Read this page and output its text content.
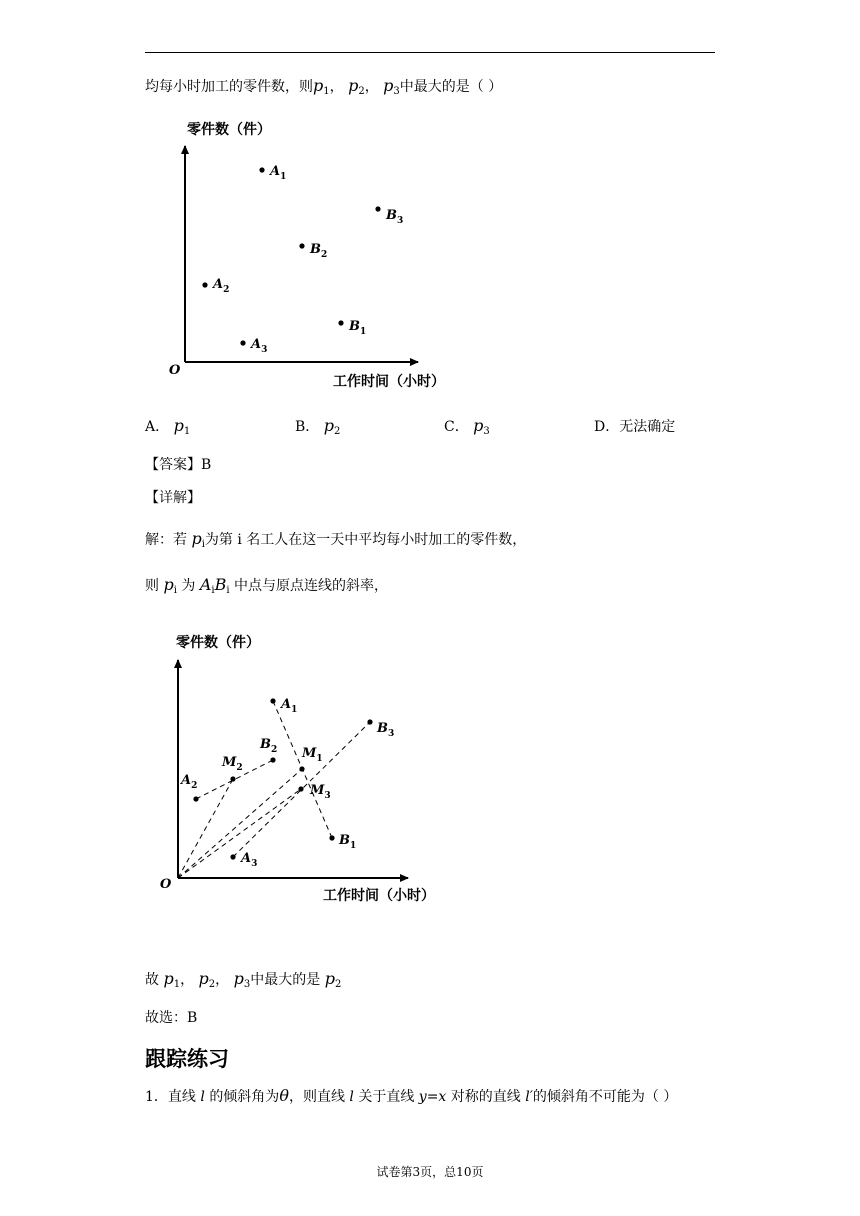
均每小时加工的零件数，则$p_1$， $p_2$， $p_3$中最大的是（ ）
零件数（件）
工作时间（小时）
O
$A_1$
$B_3$
$B_2$
$A_2$
$B_1$
$A_3$
零件数（件）
工作时间（小时）
O
$A_1$
$B_3$
$B_2$
$M_2$
$M_1$
$A_2$	$M_3$
$B_1$
$A_3$
A． $p_1$	B． $p_2$	C． $p_3$	D．无法确定
【答案】B
【详解】
解：若 $p_i$为第 i 名工人在这一天中平均每小时加工的零件数，
则 $p_i$ 为 $A_iB_i$ 中点与原点连线的斜率，
故 $p_1$， $p_2$， $p_3$中最大的是 $p_2$
故选：B
跟踪练习
1．直线 l 的倾斜角为θ，则直线 l 关于直线 y=x 对称的直线 l′的倾斜角不可能为（ ）
试卷第3页，总10页
